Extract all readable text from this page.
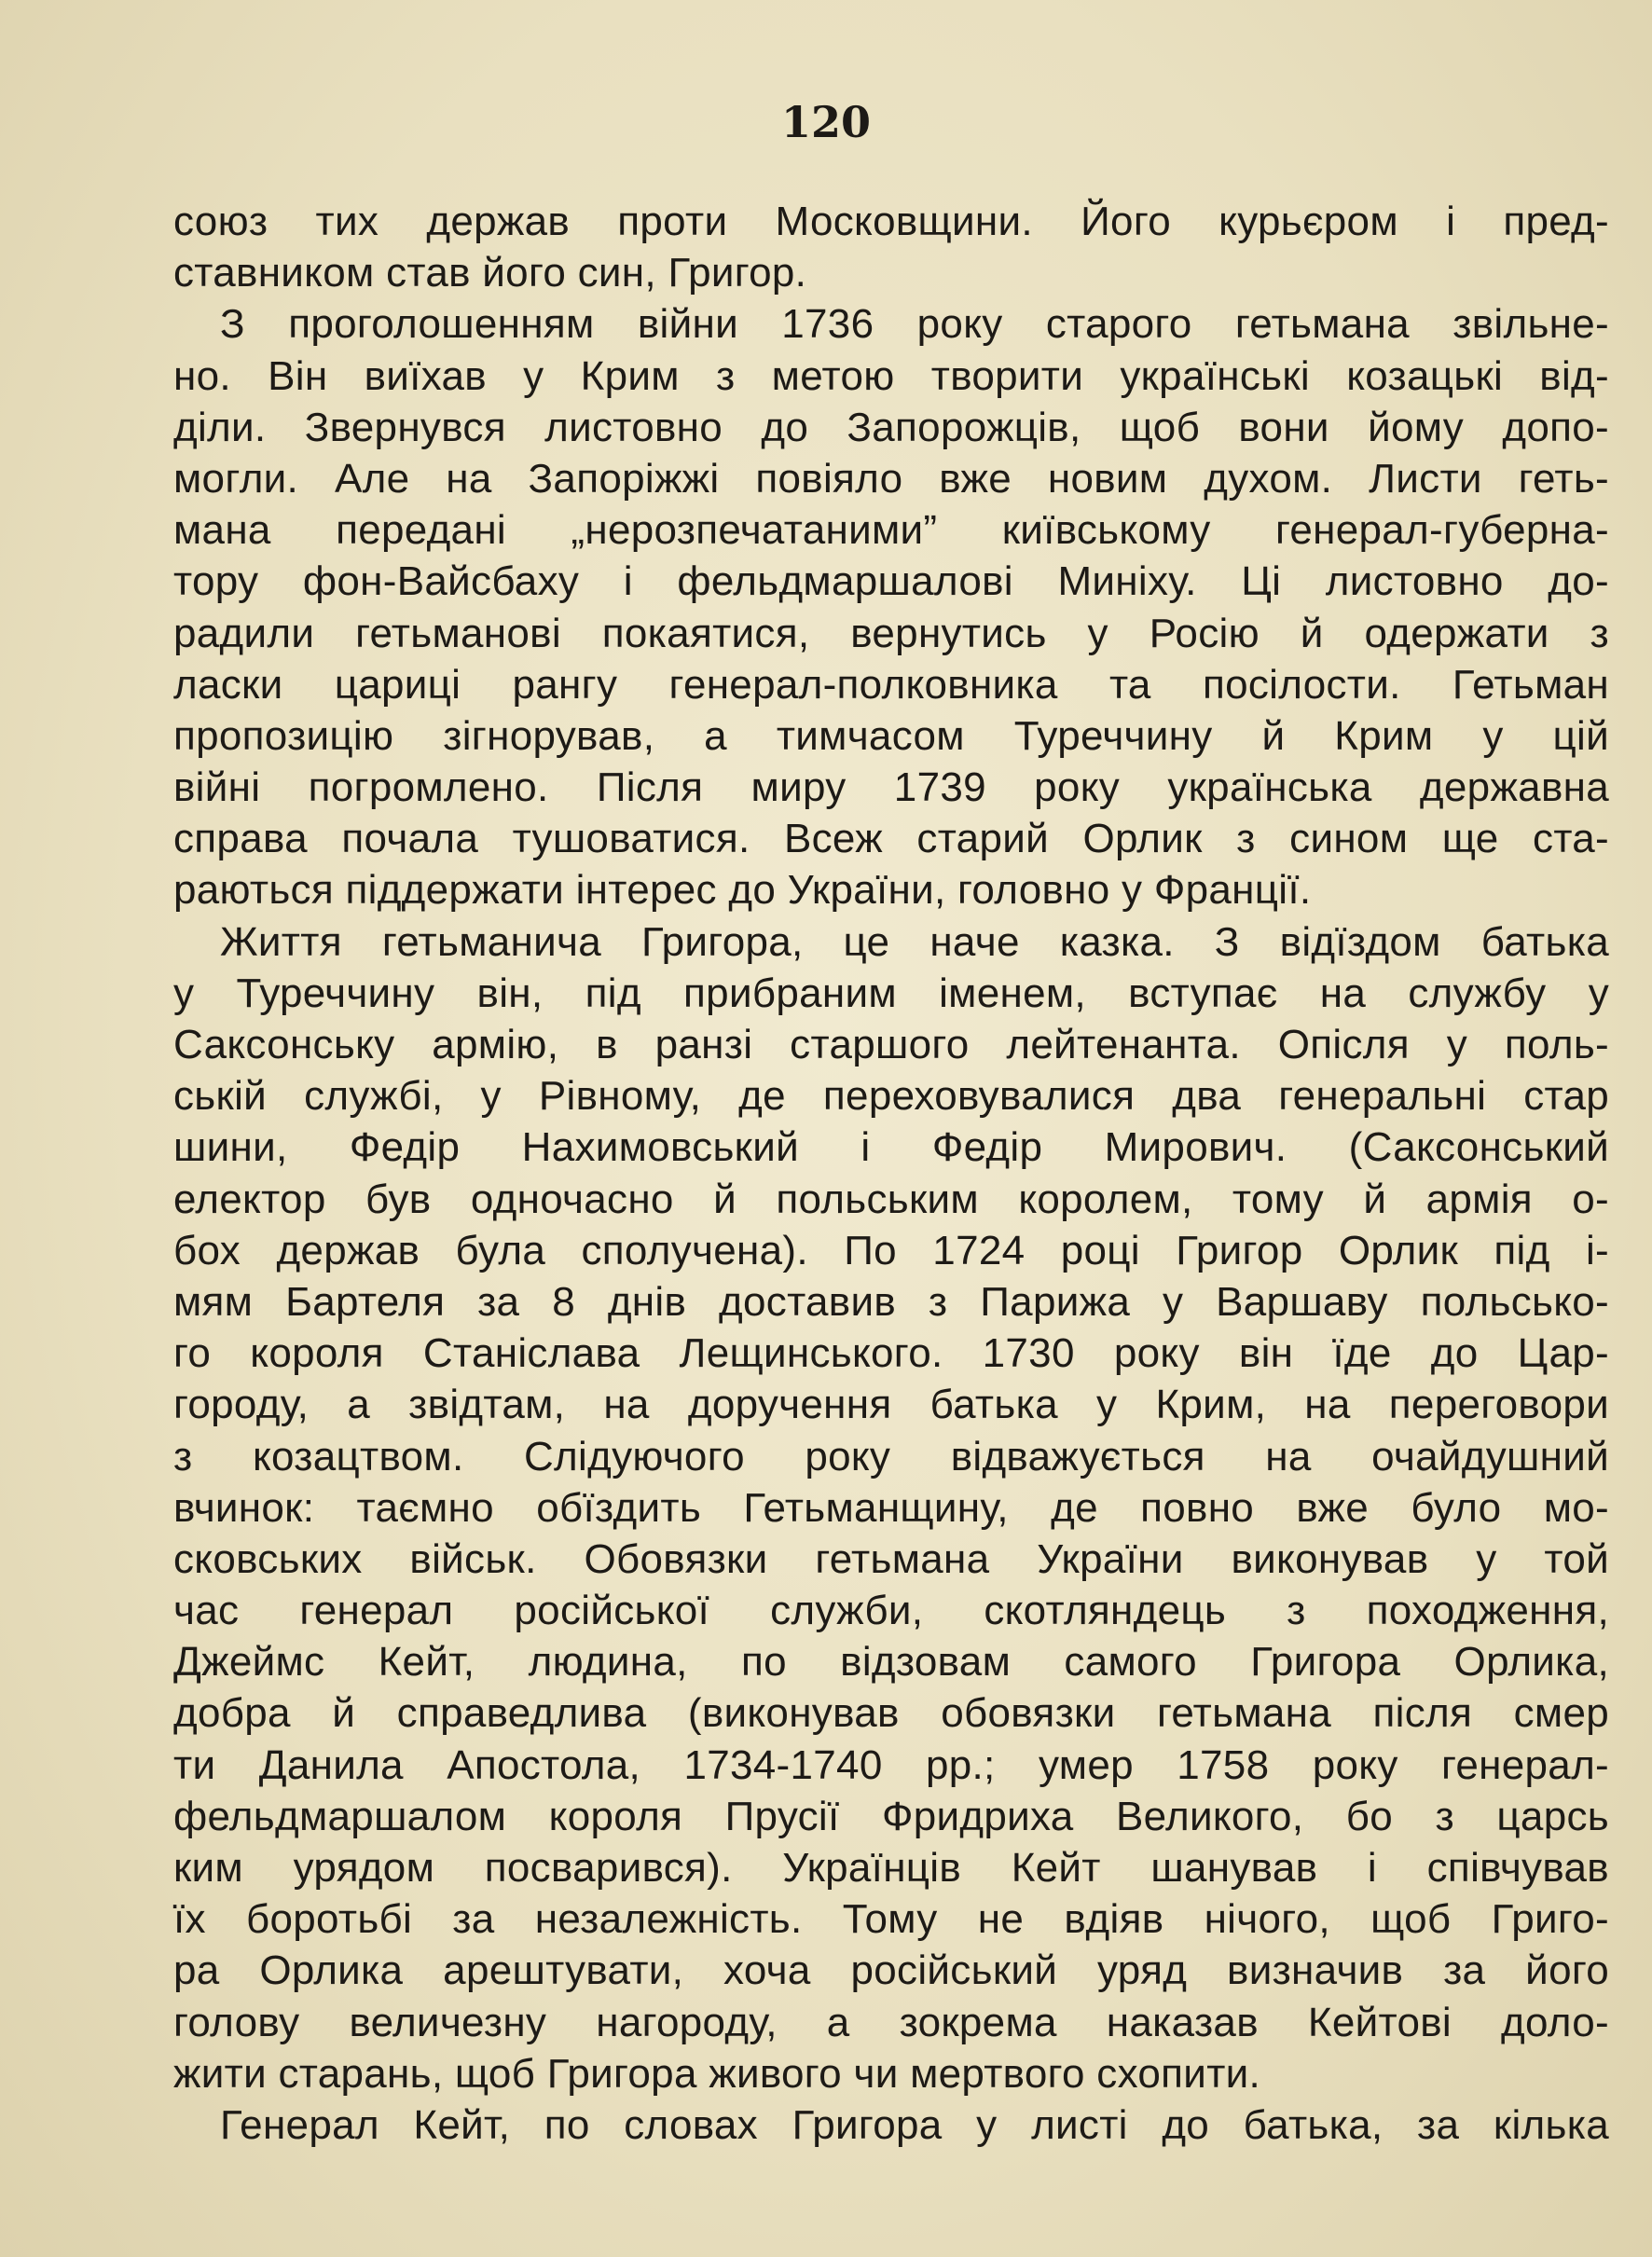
120
союз тих держав проти Московщини. Його курьєром і пред-
ставником став його син, Григор.
З проголошенням війни 1736 року старого гетьмана звільне-
но. Він виїхав у Крим з метою творити українські козацькі від-
діли. Звернувся листовно до Запорожців, щоб вони йому допо-
могли. Але на Запоріжжі повіяло вже новим духом. Листи геть-
мана передані „нерозпечатаними” київському генерал-губерна-
тору фон-Вайсбаху і фельдмаршалові Миніху. Ці листовно до-
радили гетьманові покаятися, вернутись у Росію й одержати з
ласки цариці рангу генерал-полковника та посілости. Гетьман
пропозицію зігнорував, а тимчасом Туреччину й Крим у цій
війні погромлено. Після миру 1739 року українська державна
справа почала тушоватися. Всеж старий Орлик з сином ще ста-
раються піддержати інтерес до України, головно у Франції.
Життя гетьманича Григора, це наче казка. З відїздом батька
у Туреччину він, під прибраним іменем, вступає на службу у
Саксонську армію, в ранзі старшого лейтенанта. Опісля у поль-
ській службі, у Рівному, де переховувалися два генеральні стар
шини, Федір Нахимовський і Федір Мирович. (Саксонський
електор був одночасно й польським королем, тому й армія о-
бох держав була сполучена). По 1724 році Григор Орлик під і-
мям Бартеля за 8 днів доставив з Парижа у Варшаву польсько-
го короля Станіслава Лещинського. 1730 року він їде до Цар-
городу, а звідтам, на доручення батька у Крим, на переговори
з козацтвом. Слідуючого року відважується на очайдушний
вчинок: таємно обїздить Гетьманщину, де повно вже було мо-
сковських військ. Обовязки гетьмана України виконував у той
час генерал російської служби, скотляндець з походження,
Джеймс Кейт, людина, по відзовам самого Григора Орлика,
добра й справедлива (виконував обовязки гетьмана після смер
ти Данила Апостола, 1734-1740 рр.; умер 1758 року генерал-
фельдмаршалом короля Прусії Фридриха Великого, бо з царсь
ким урядом посварився). Українців Кейт шанував і співчував
їх боротьбі за незалежність. Тому не вдіяв нічого, щоб Григо-
ра Орлика арештувати, хоча російський уряд визначив за його
голову величезну нагороду, а зокрема наказав Кейтові доло-
жити старань, щоб Григора живого чи мертвого схопити.
Генерал Кейт, по словах Григора у листі до батька, за кілька
